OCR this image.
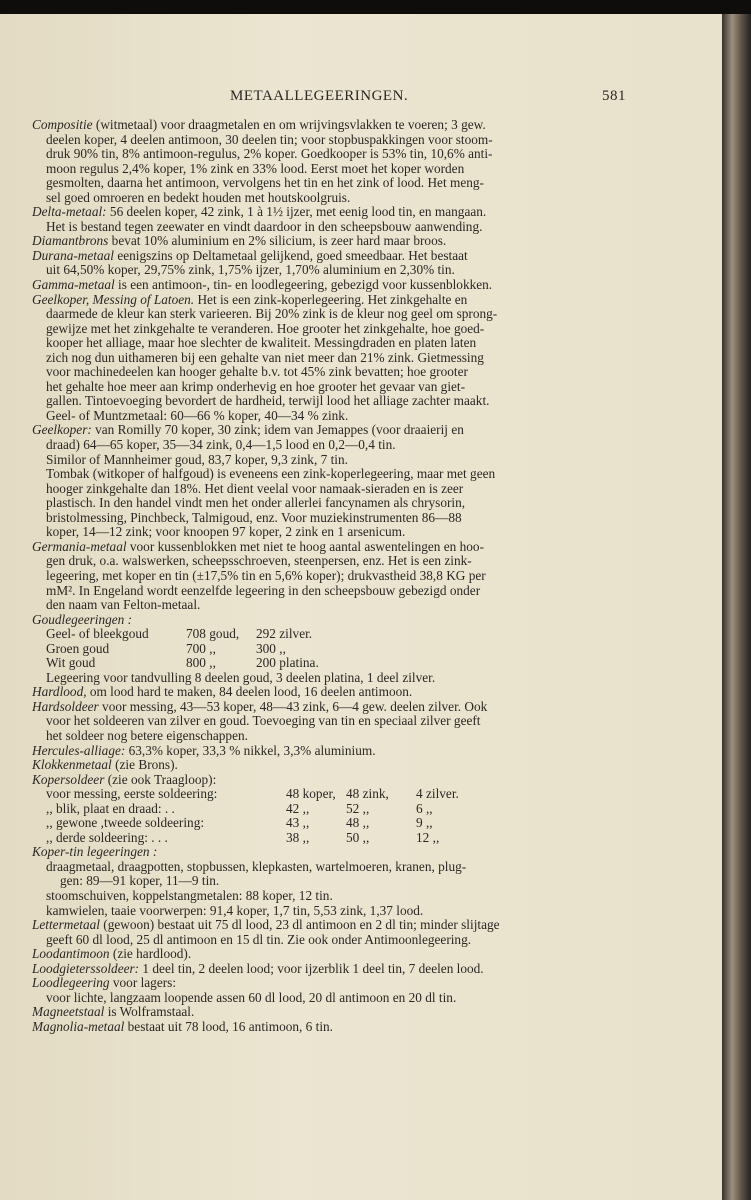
METAALLEGEERINGEN.	581
Compositie (witmetaal) voor draagmetalen en om wrijvingsvlakken te voeren; 3 gew.
deelen koper, 4 deelen antimoon, 30 deelen tin; voor stopbuspakkingen voor stoom-
druk 90% tin, 8% antimoon-regulus, 2% koper. Goedkooper is 53% tin, 10,6% anti-
moon regulus 2,4% koper, 1% zink en 33% lood. Eerst moet het koper worden
gesmolten, daarna het antimoon, vervolgens het tin en het zink of lood. Het meng-
sel goed omroeren en bedekt houden met houtskoolgruis.
Delta-metaal: 56 deelen koper, 42 zink, 1 à 1½ ijzer, met eenig lood tin, en mangaan.
Het is bestand tegen zeewater en vindt daardoor in den scheepsbouw aanwending.
Diamantbrons bevat 10% aluminium en 2% silicium, is zeer hard maar broos.
Durana-metaal eenigszins op Deltametaal gelijkend, goed smeedbaar. Het bestaat
uit 64,50% koper, 29,75% zink, 1,75% ijzer, 1,70% aluminium en 2,30% tin.
Gamma-metaal is een antimoon-, tin- en loodlegeering, gebezigd voor kussenblokken.
Geelkoper, Messing of Latoen. Het is een zink-koperlegeering. Het zinkgehalte en
daarmede de kleur kan sterk varieeren. Bij 20% zink is de kleur nog geel om sprong-
gewijze met het zinkgehalte te veranderen. Hoe grooter het zinkgehalte, hoe goed-
kooper het alliage, maar hoe slechter de kwaliteit. Messingdraden en platen laten
zich nog dun uithameren bij een gehalte van niet meer dan 21% zink. Gietmessing
voor machinedeelen kan hooger gehalte b.v. tot 45% zink bevatten; hoe grooter
het gehalte hoe meer aan krimp onderhevig en hoe grooter het gevaar van giet-
gallen. Tintoevoeging bevordert de hardheid, terwijl lood het alliage zachter maakt.
Geel- of Muntzmetaal: 60—66 % koper, 40—34 % zink.
Geelkoper: van Romilly 70 koper, 30 zink; idem van Jemappes (voor draaierij en
draad) 64—65 koper, 35—34 zink, 0,4—1,5 lood en 0,2—0,4 tin.
Similor of Mannheimer goud, 83,7 koper, 9,3 zink, 7 tin.
Tombak (witkoper of halfgoud) is eveneens een zink-koperlegeering, maar met geen
hooger zinkgehalte dan 18%. Het dient veelal voor namaak-sieraden en is zeer
plastisch. In den handel vindt men het onder allerlei fancynamen als chrysorin,
bristolmessing, Pinchbeck, Talmigoud, enz. Voor muziekinstrumenten 86—88
koper, 14—12 zink; voor knoopen 97 koper, 2 zink en 1 arsenicum.
Germania-metaal voor kussenblokken met niet te hoog aantal aswentelingen en hoo-
gen druk, o.a. walswerken, scheepsschroeven, steenpersen, enz. Het is een zink-
legeering, met koper en tin (±17,5% tin en 5,6% koper); drukvastheid 38,8 KG per
mM². In Engeland wordt eenzelfde legeering in den scheepsbouw gebezigd onder
den naam van Felton-metaal.
Goudlegeeringen :
Geel- of bleekgoud	708 goud,	292 zilver.
Groen goud	700 ,,	300 ,,
Wit goud	800 ,,	200 platina.
Legeering voor tandvulling 8 deelen goud, 3 deelen platina, 1 deel zilver.
Hardlood, om lood hard te maken, 84 deelen lood, 16 deelen antimoon.
Hardsoldeer voor messing, 43—53 koper, 48—43 zink, 6—4 gew. deelen zilver. Ook
voor het soldeeren van zilver en goud. Toevoeging van tin en speciaal zilver geeft
het soldeer nog betere eigenschappen.
Hercules-alliage: 63,3% koper, 33,3 % nikkel, 3,3% aluminium.
Klokkenmetaal (zie Brons).
Kopersoldeer (zie ook Traagloop):
voor messing, eerste soldeering:	48 koper, 48 zink,	4 zilver.
,, blik, plaat en draad: . .	42 ,,	52 ,,	6 ,,
,, gewone ,tweede soldeering:	43 ,,	48 ,,	9 ,,
,, derde soldeering: . . .	38 ,,	50 ,,	12 ,,
Koper-tin legeeringen :
draagmetaal, draagpotten, stopbussen, klepkasten, wartelmoeren, kranen, plug-
gen: 89—91 koper, 11—9 tin.
stoomschuiven, koppelstangmetalen: 88 koper, 12 tin.
kamwielen, taaie voorwerpen: 91,4 koper, 1,7 tin, 5,53 zink, 1,37 lood.
Lettermetaal (gewoon) bestaat uit 75 dl lood, 23 dl antimoon en 2 dl tin; minder slijtage
geeft 60 dl lood, 25 dl antimoon en 15 dl tin. Zie ook onder Antimoonlegeering.
Loodantimoon (zie hardlood).
Loodgieterssoldeer: 1 deel tin, 2 deelen lood; voor ijzerblik 1 deel tin, 7 deelen lood.
Loodlegeering voor lagers:
voor lichte, langzaam loopende assen 60 dl lood, 20 dl antimoon en 20 dl tin.
Magneetstaal is Wolframstaal.
Magnolia-metaal bestaat uit 78 lood, 16 antimoon, 6 tin.
